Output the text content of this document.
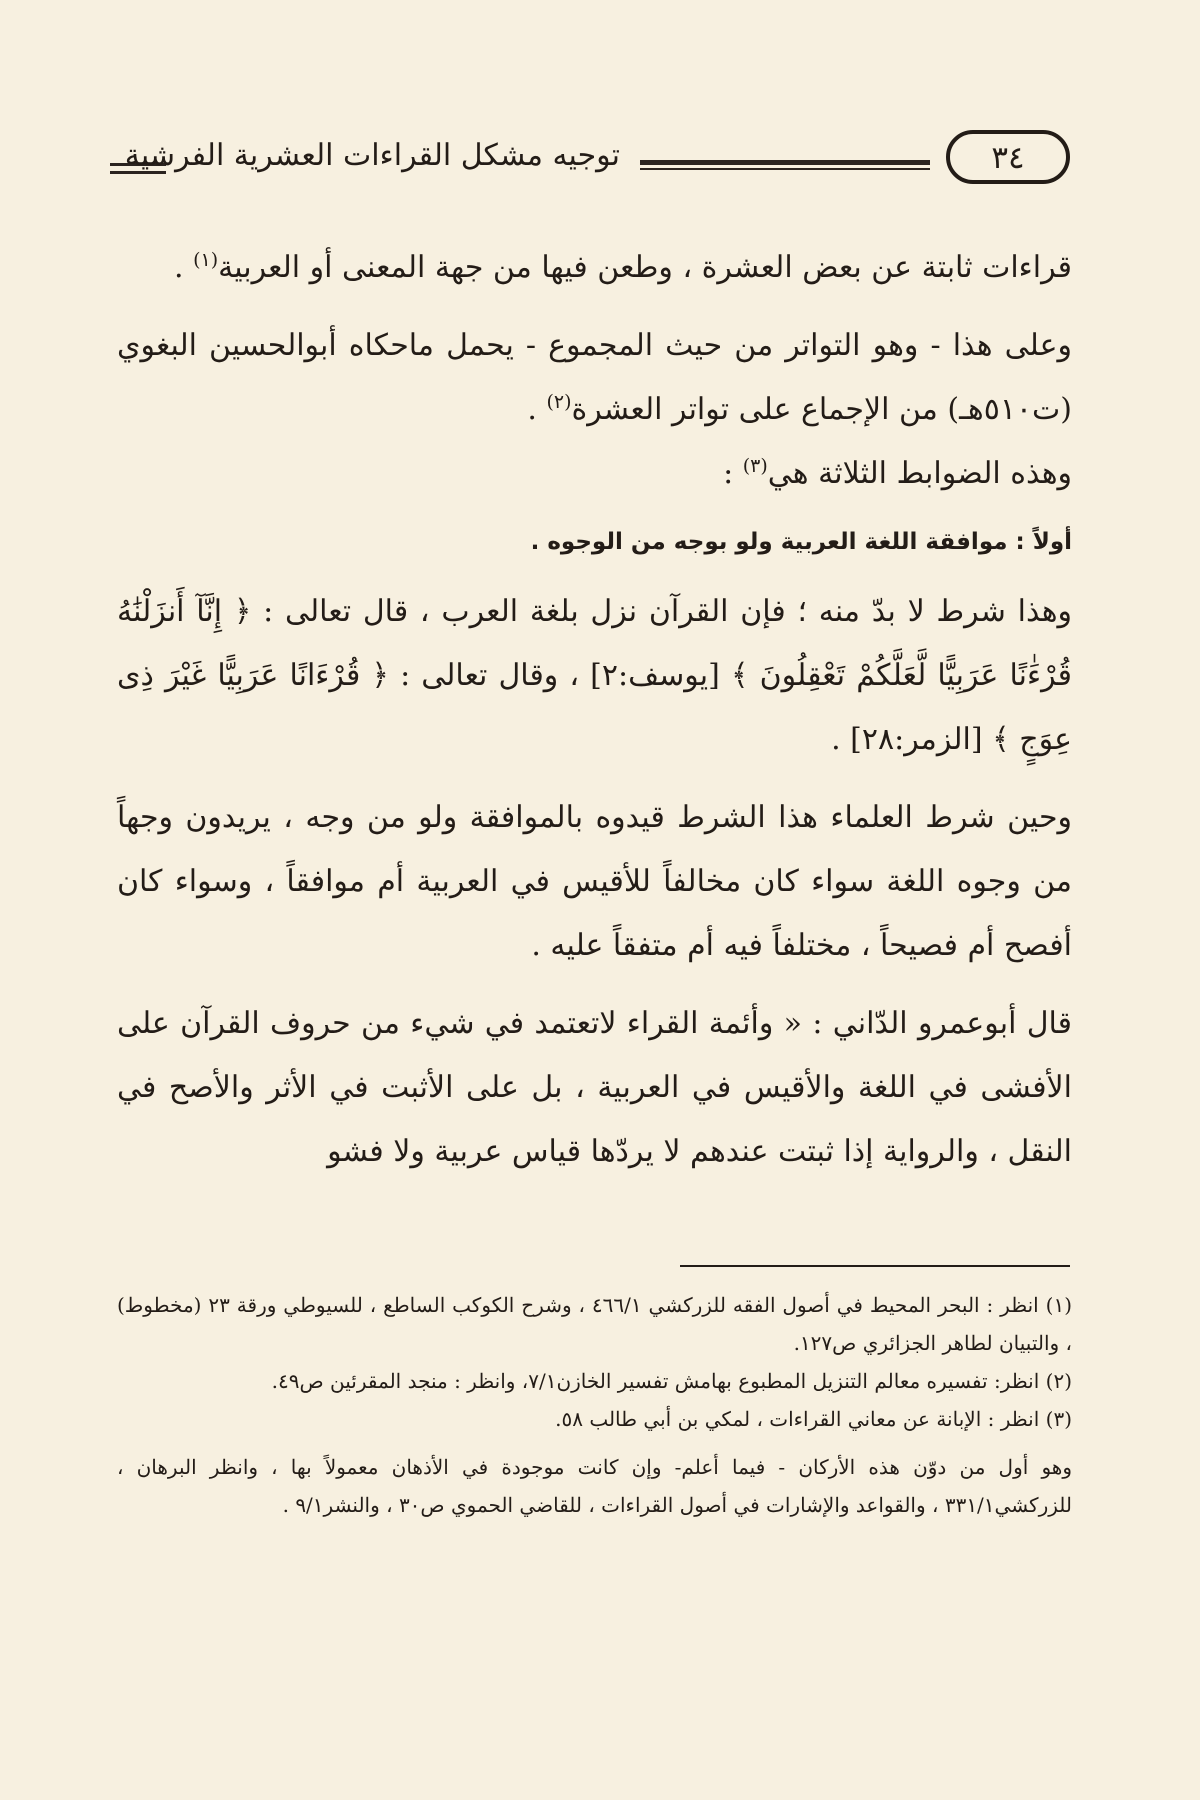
توجيه مشكل القراءات العشرية الفرشية	٣٤

قراءات ثابتة عن بعض العشرة ، وطعن فيها من جهة المعنى أو العربية$^{(١)}$ .

وعلى هذا - وهو التواتر من حيث المجموع - يحمل ماحكاه أبوالحسين البغوي (ت٥١٠هـ) من الإجماع على تواتر العشرة$^{(٢)}$ .

وهذه الضوابط الثلاثة هي$^{(٣)}$ :

أولاً : موافقة اللغة العربية ولو بوجه من الوجوه .

وهذا شرط لا بدّ منه ؛ فإن القرآن نزل بلغة العرب ، قال تعالى : ﴿ إِنَّآ أَنزَلْنَٰهُ قُرْءَٰنًا عَرَبِيًّا لَّعَلَّكُمْ تَعْقِلُونَ ﴾ [يوسف:٢] ، وقال تعالى : ﴿ قُرْءَانًا عَرَبِيًّا غَيْرَ ذِى عِوَجٍ ﴾ [الزمر:٢٨] .

وحين شرط العلماء هذا الشرط قيدوه بالموافقة ولو من وجه ، يريدون وجهاً من وجوه اللغة سواء كان مخالفاً للأقيس في العربية أم موافقاً ، وسواء كان أفصح أم فصيحاً ، مختلفاً فيه أم متفقاً عليه .

قال أبوعمرو الدّاني : « وأئمة القراء لاتعتمد في شيء من حروف القرآن على الأفشى في اللغة والأقيس في العربية ، بل على الأثبت في الأثر والأصح في النقل ، والرواية إذا ثبتت عندهم لا يردّها قياس عربية ولا فشو

(١) انظر : البحر المحيط في أصول الفقه للزركشي ٤٦٦/١ ، وشرح الكوكب الساطع ، للسيوطي ورقة ٢٣ (مخطوط) ، والتبيان لطاهر الجزائري ص١٢٧.

(٢) انظر: تفسيره معالم التنزيل المطبوع بهامش تفسير الخازن٧/١، وانظر : منجد المقرئين ص٤٩.

(٣) انظر : الإبانة عن معاني القراءات ، لمكي بن أبي طالب ٥٨.

وهو أول من دوّن هذه الأركان - فيما أعلم- وإن كانت موجودة في الأذهان معمولاً بها ، وانظر البرهان ، للزركشي٣٣١/١ ، والقواعد والإشارات في أصول القراءات ، للقاضي الحموي ص٣٠ ، والنشر٩/١ .
